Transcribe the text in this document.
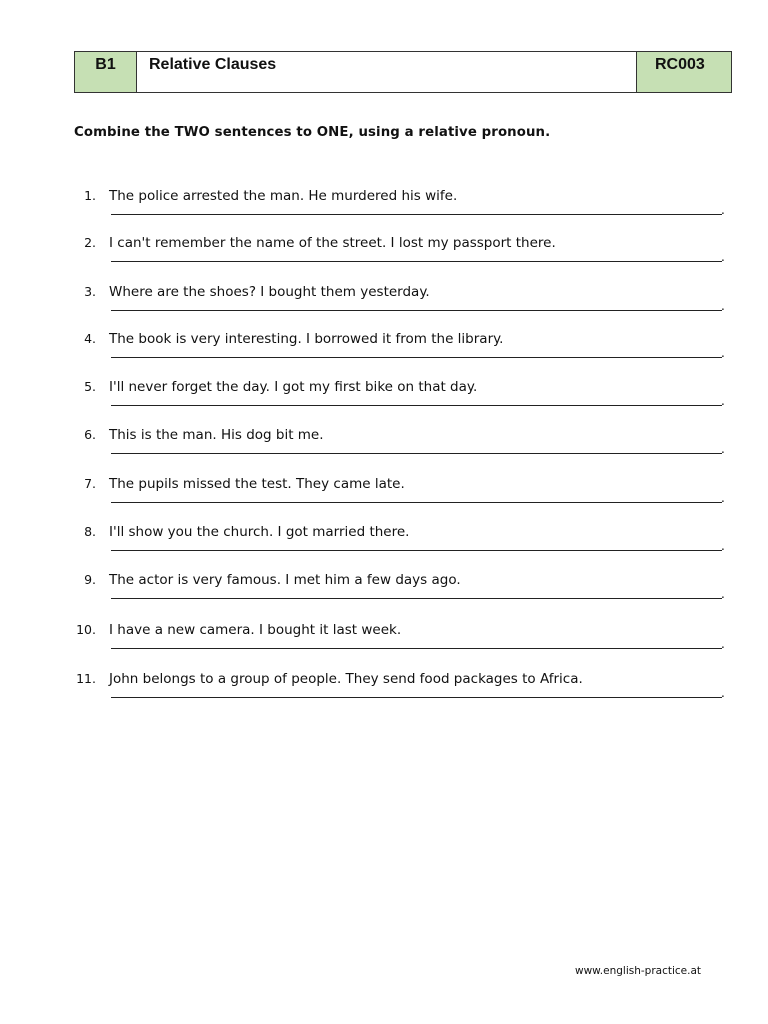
B1	Relative Clauses	RC003
Combine the TWO sentences to ONE, using a relative pronoun.
1. The police arrested the man. He murdered his wife.
.
2. I can't remember the name of the street. I lost my passport there.
.
3. Where are the shoes? I bought them yesterday.
.
4. The book is very interesting. I borrowed it from the library.
.
5. I'll never forget the day. I got my first bike on that day.
.
6. This is the man. His dog bit me.
.
7. The pupils missed the test. They came late.
.
8. I'll show you the church. I got married there.
.
9. The actor is very famous. I met him a few days ago.
.
10. I have a new camera. I bought it last week.
.
11. John belongs to a group of people. They send food packages to Africa.
.
www.english-practice.at
